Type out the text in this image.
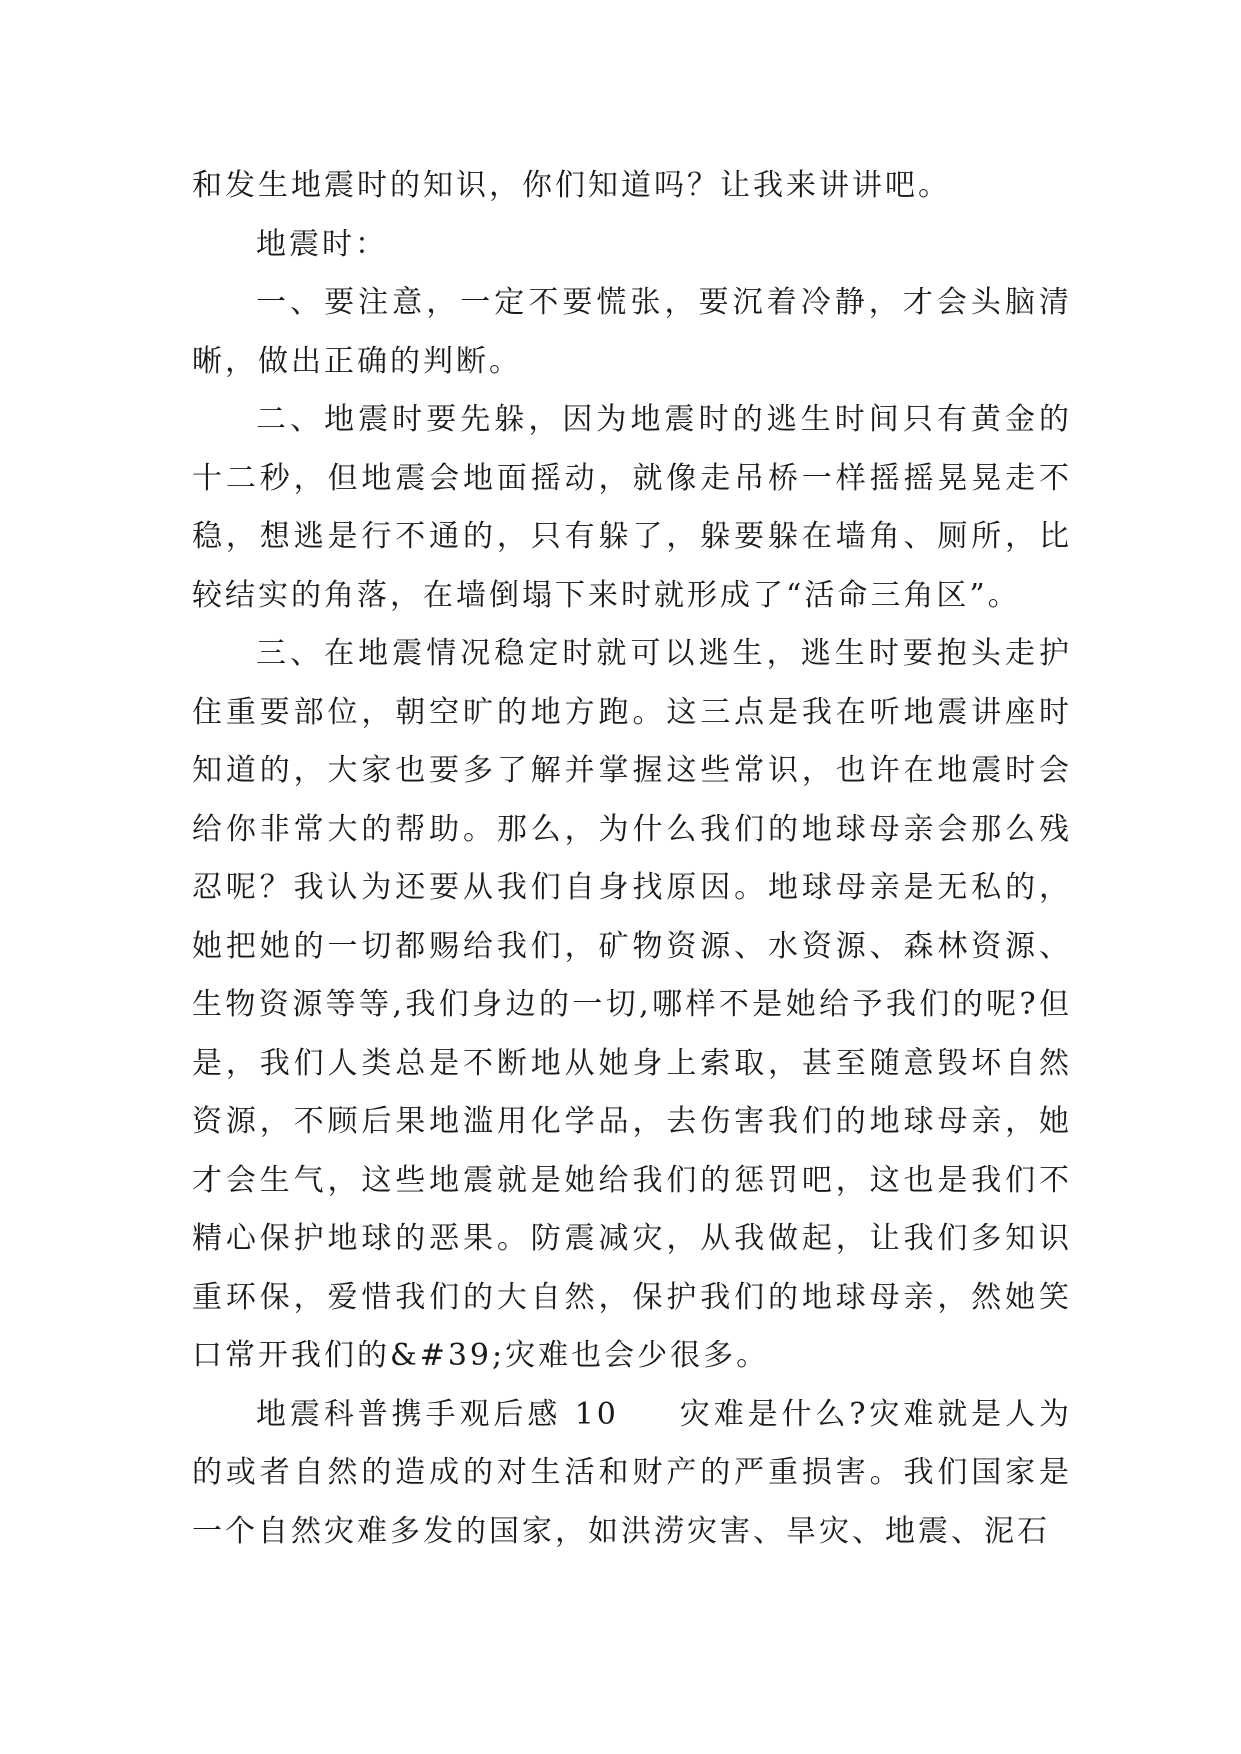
和发生地震时的知识，你们知道吗？让我来讲讲吧。

地震时：

一、要注意，一定不要慌张，要沉着冷静，才会头脑清晰，做出正确的判断。

二、地震时要先躲，因为地震时的逃生时间只有黄金的十二秒，但地震会地面摇动，就像走吊桥一样摇摇晃晃走不稳，想逃是行不通的，只有躲了，躲要躲在墙角、厕所，比较结实的角落，在墙倒塌下来时就形成了“活命三角区”。

三、在地震情况稳定时就可以逃生，逃生时要抱头走护住重要部位，朝空旷的地方跑。这三点是我在听地震讲座时知道的，大家也要多了解并掌握这些常识，也许在地震时会给你非常大的帮助。那么，为什么我们的地球母亲会那么残忍呢？我认为还要从我们自身找原因。地球母亲是无私的，她把她的一切都赐给我们，矿物资源、水资源、森林资源、生物资源等等,我们身边的一切,哪样不是她给予我们的呢?但是，我们人类总是不断地从她身上索取，甚至随意毁坏自然资源，不顾后果地滥用化学品，去伤害我们的地球母亲，她才会生气，这些地震就是她给我们的惩罚吧，这也是我们不精心保护地球的恶果。防震减灾，从我做起，让我们多知识重环保，爱惜我们的大自然，保护我们的地球母亲，然她笑口常开我们的&#39;灾难也会少很多。

地震科普携手观后感 10 灾难是什么?灾难就是人为的或者自然的造成的对生活和财产的严重损害。我们国家是一个自然灾难多发的国家，如洪涝灾害、旱灾、地震、泥石
